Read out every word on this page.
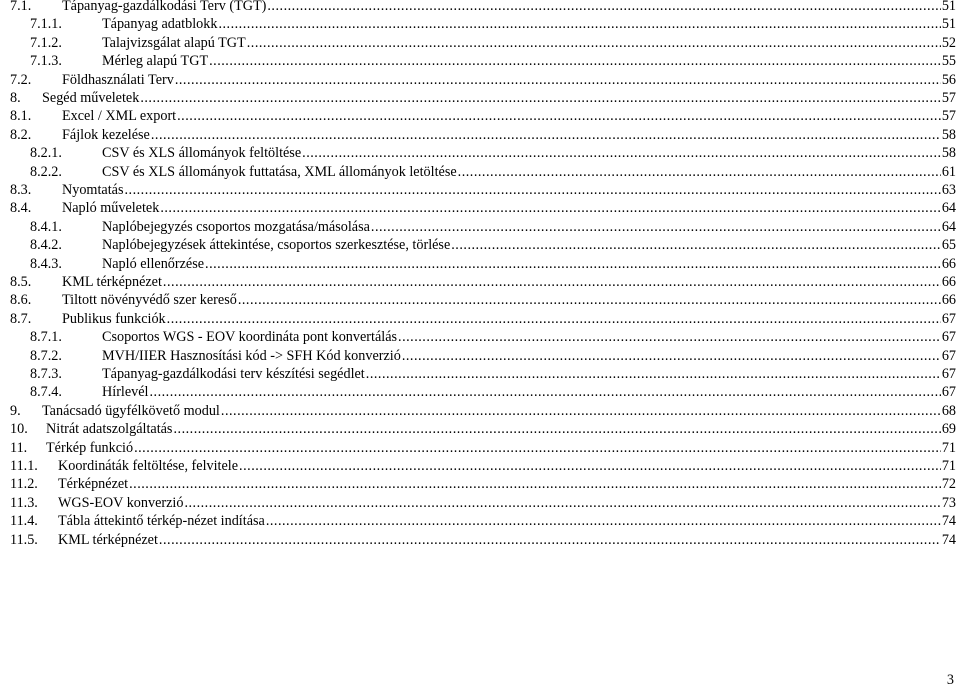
7.1.	Tápanyag-gazdálkodási Terv (TGT) .....	51
7.1.1.	Tápanyag adatblokk .....	51
7.1.2.	Talajvizsgálat alapú TGT .....	52
7.1.3.	Mérleg alapú TGT .....	55
7.2.	Földhasználati Terv .....	56
8.	Segéd műveletek .....	57
8.1.	Excel / XML export .....	57
8.2.	Fájlok kezelése .....	58
8.2.1.	CSV és XLS állományok feltöltése .....	58
8.2.2.	CSV és XLS állományok futtatása, XML állományok letöltése .....	61
8.3.	Nyomtatás .....	63
8.4.	Napló műveletek .....	64
8.4.1.	Naplóbejegyzés csoportos mozgatása/másolása .....	64
8.4.2.	Naplóbejegyzések áttekintése, csoportos szerkesztése, törlése .....	65
8.4.3.	Napló ellenőrzése .....	66
8.5.	KML térképnézet .....	66
8.6.	Tiltott növényvédő szer kereső .....	66
8.7.	Publikus funkciók .....	67
8.7.1.	Csoportos WGS - EOV koordináta pont konvertálás .....	67
8.7.2.	MVH/IIER Hasznosítási kód -> SFH Kód konverzió .....	67
8.7.3.	Tápanyag-gazdálkodási terv készítési segédlet .....	67
8.7.4.	Hírlevél .....	67
9.	Tanácsadó ügyfélkövető modul .....	68
10.	Nitrát adatszolgáltatás .....	69
11.	Térkép funkció .....	71
11.1.	Koordináták feltöltése, felvitele .....	71
11.2.	Térképnézet .....	72
11.3.	WGS-EOV konverzió .....	73
11.4.	Tábla áttekintő térkép-nézet indítása .....	74
11.5.	KML térképnézet .....	74
3
